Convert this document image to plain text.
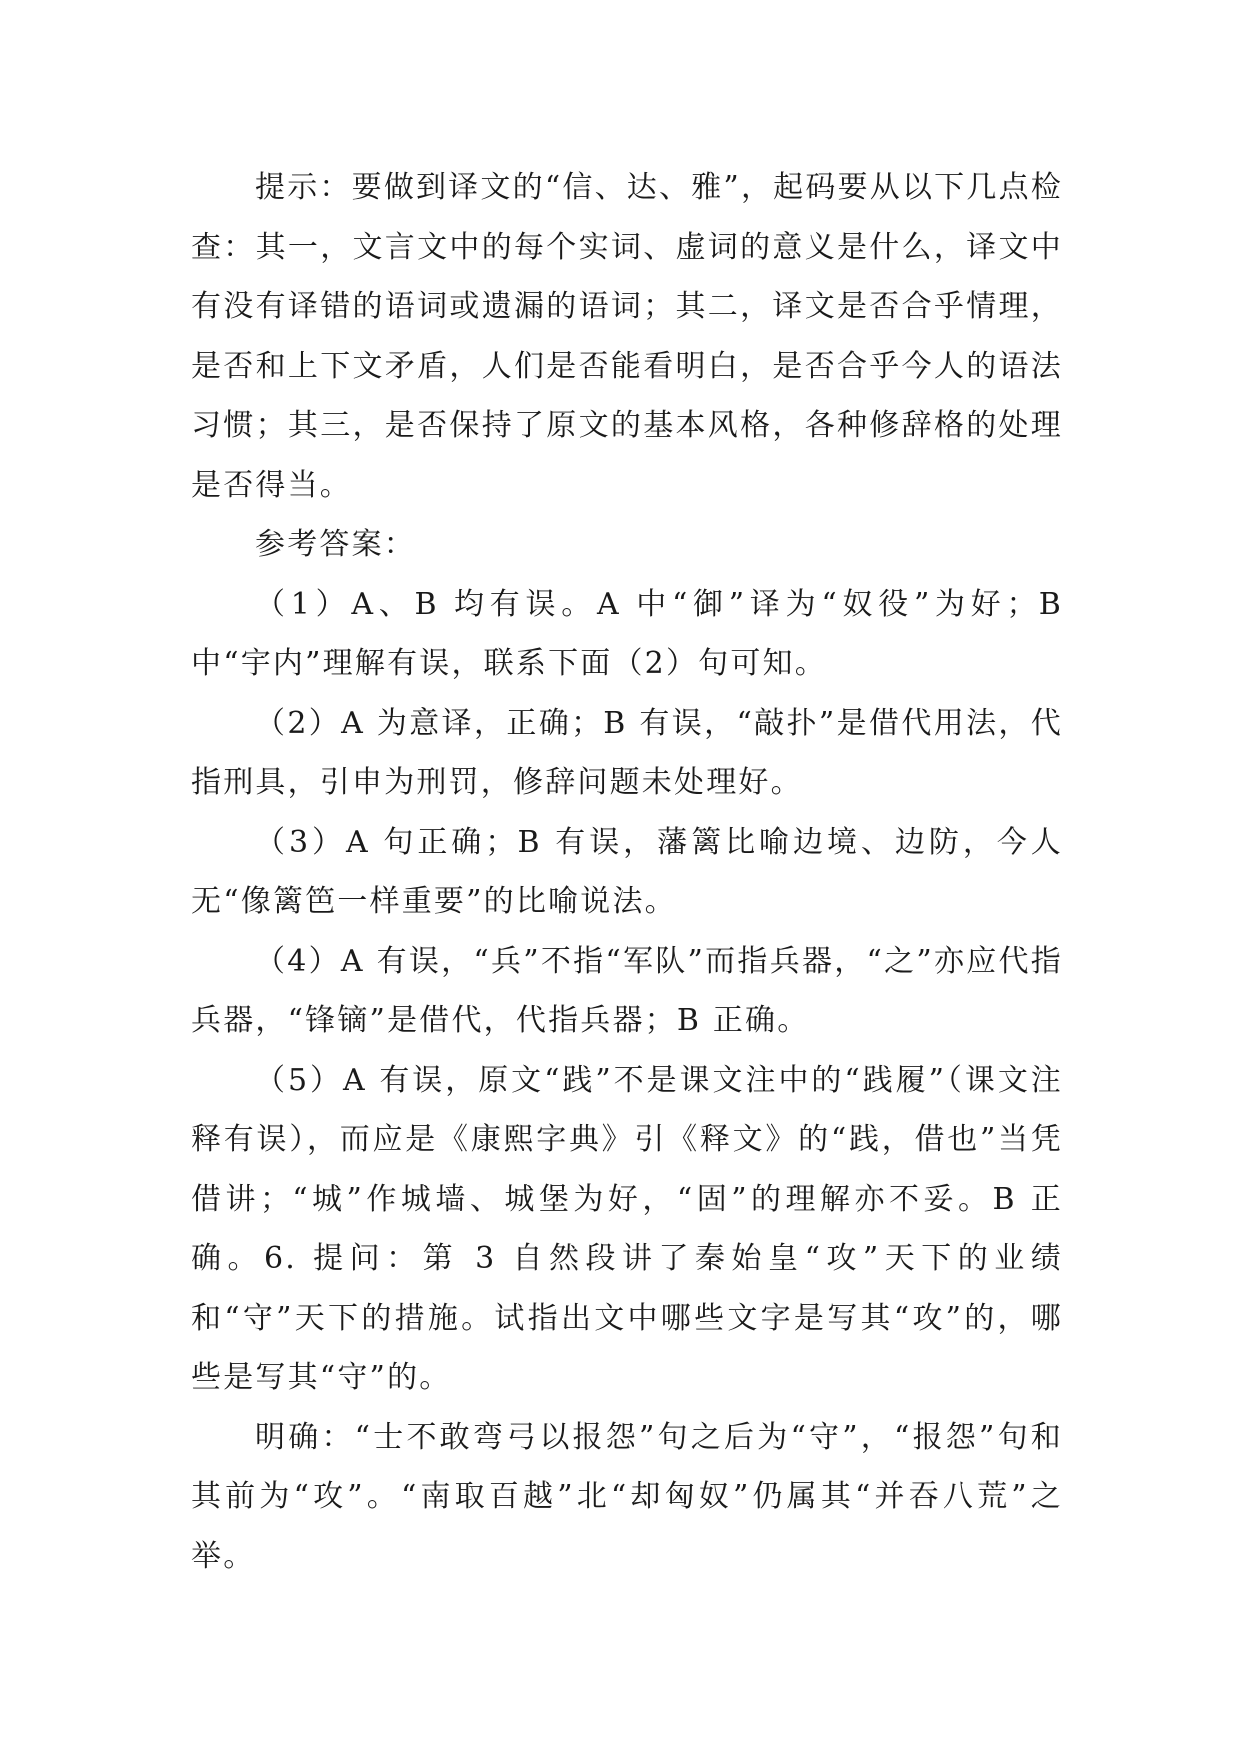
提示：要做到译文的“信、达、雅”，起码要从以下几点检查：其一，文言文中的每个实词、虚词的意义是什么，译文中有没有译错的语词或遗漏的语词；其二，译文是否合乎情理，是否和上下文矛盾，人们是否能看明白，是否合乎今人的语法习惯；其三，是否保持了原文的基本风格，各种修辞格的处理是否得当。

参考答案：

（1）A、B 均有误。A 中“御”译为“奴役”为好；B 中“宇内”理解有误，联系下面（2）句可知。

（2）A 为意译，正确；B 有误，“敲扑”是借代用法，代指刑具，引申为刑罚，修辞问题未处理好。

（3）A 句正确；B 有误，藩篱比喻边境、边防，今人无“像篱笆一样重要”的比喻说法。

（4）A 有误，“兵”不指“军队”而指兵器，“之”亦应代指兵器，“锋镝”是借代，代指兵器；B 正确。

（5）A 有误，原文“践”不是课文注中的“践履”（课文注释有误），而应是《康熙字典》引《释文》的“践，借也”当凭借讲；“城”作城墙、城堡为好，“固”的理解亦不妥。B 正确。6. 提问：第 3 自然段讲了秦始皇“攻”天下的业绩和“守”天下的措施。试指出文中哪些文字是写其“攻”的，哪些是写其“守”的。

明确：“士不敢弯弓以报怨”句之后为“守”，“报怨”句和其前为“攻”。“南取百越”北“却匈奴”仍属其“并吞八荒”之举。
